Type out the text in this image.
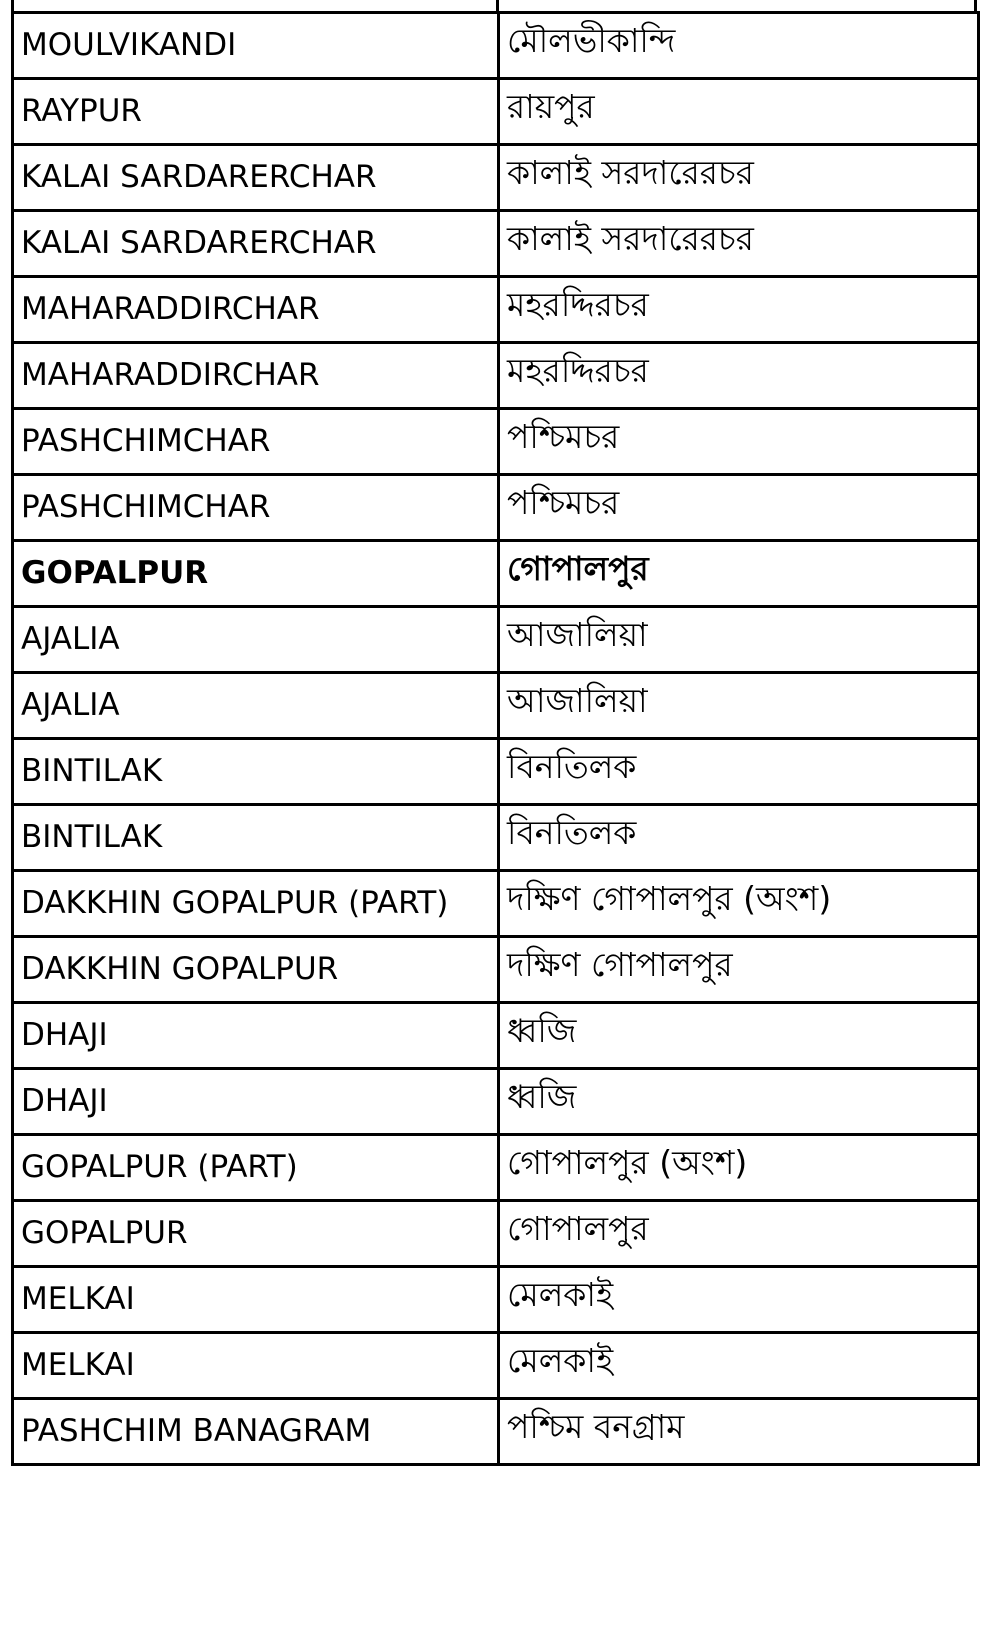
MOULVIKANDI	মৌলভীকান্দি
RAYPUR	রায়পুর
KALAI SARDARERCHAR	কালাই সরদারেরচর
KALAI SARDARERCHAR	কালাই সরদারেরচর
MAHARADDIRCHAR	মহরদ্দিরচর
MAHARADDIRCHAR	মহরদ্দিরচর
PASHCHIMCHAR	পশ্চিমচর
PASHCHIMCHAR	পশ্চিমচর
GOPALPUR	গোপালপুর
AJALIA	আজালিয়া
AJALIA	আজালিয়া
BINTILAK	বিনতিলক
BINTILAK	বিনতিলক
DAKKHIN GOPALPUR (PART)	দক্ষিণ গোপালপুর (অংশ)
DAKKHIN GOPALPUR	দক্ষিণ গোপালপুর
DHAJI	ধ্বজি
DHAJI	ধ্বজি
GOPALPUR (PART)	গোপালপুর (অংশ)
GOPALPUR	গোপালপুর
MELKAI	মেলকাই
MELKAI	মেলকাই
PASHCHIM BANAGRAM	পশ্চিম বনগ্রাম
